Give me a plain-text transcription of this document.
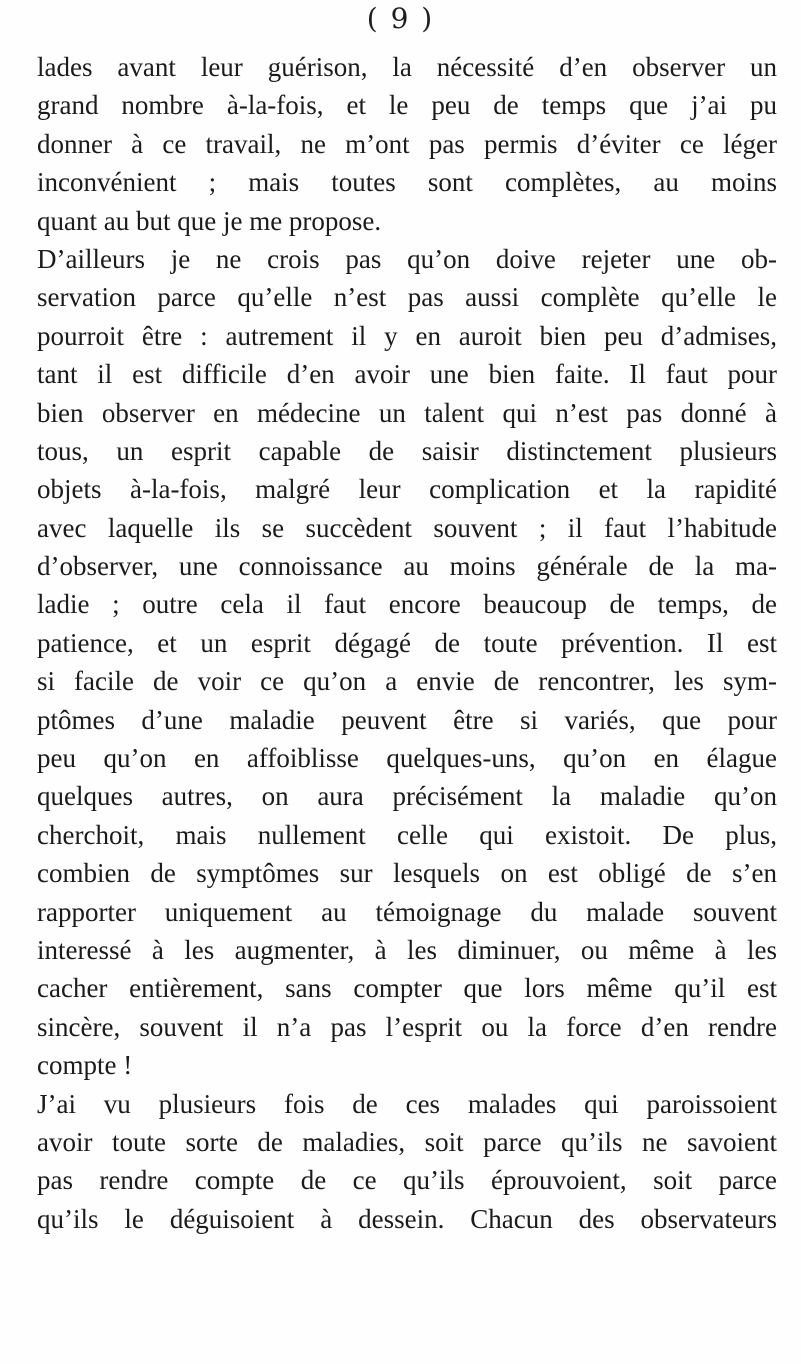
( 9 )
lades avant leur guérison, la nécessité d’en observer un
grand nombre à-la-fois, et le peu de temps que j’ai pu
donner à ce travail, ne m’ont pas permis d’éviter ce léger
inconvénient ; mais toutes sont complètes, au moins
quant au but que je me propose.
D’ailleurs je ne crois pas qu’on doive rejeter une ob-
servation parce qu’elle n’est pas aussi complète qu’elle le
pourroit être : autrement il y en auroit bien peu d’admises,
tant il est difficile d’en avoir une bien faite. Il faut pour
bien observer en médecine un talent qui n’est pas donné à
tous, un esprit capable de saisir distinctement plusieurs
objets à-la-fois, malgré leur complication et la rapidité
avec laquelle ils se succèdent souvent ; il faut l’habitude
d’observer, une connoissance au moins générale de la ma-
ladie ; outre cela il faut encore beaucoup de temps, de
patience, et un esprit dégagé de toute prévention. Il est
si facile de voir ce qu’on a envie de rencontrer, les sym-
ptômes d’une maladie peuvent être si variés, que pour
peu qu’on en affoiblisse quelques-uns, qu’on en élague
quelques autres, on aura précisément la maladie qu’on
cherchoit, mais nullement celle qui existoit. De plus,
combien de symptômes sur lesquels on est obligé de s’en
rapporter uniquement au témoignage du malade souvent
interessé à les augmenter, à les diminuer, ou même à les
cacher entièrement, sans compter que lors même qu’il est
sincère, souvent il n’a pas l’esprit ou la force d’en rendre
compte !
J’ai vu plusieurs fois de ces malades qui paroissoient
avoir toute sorte de maladies, soit parce qu’ils ne savoient
pas rendre compte de ce qu’ils éprouvoient, soit parce
qu’ils le déguisoient à dessein. Chacun des observateurs
